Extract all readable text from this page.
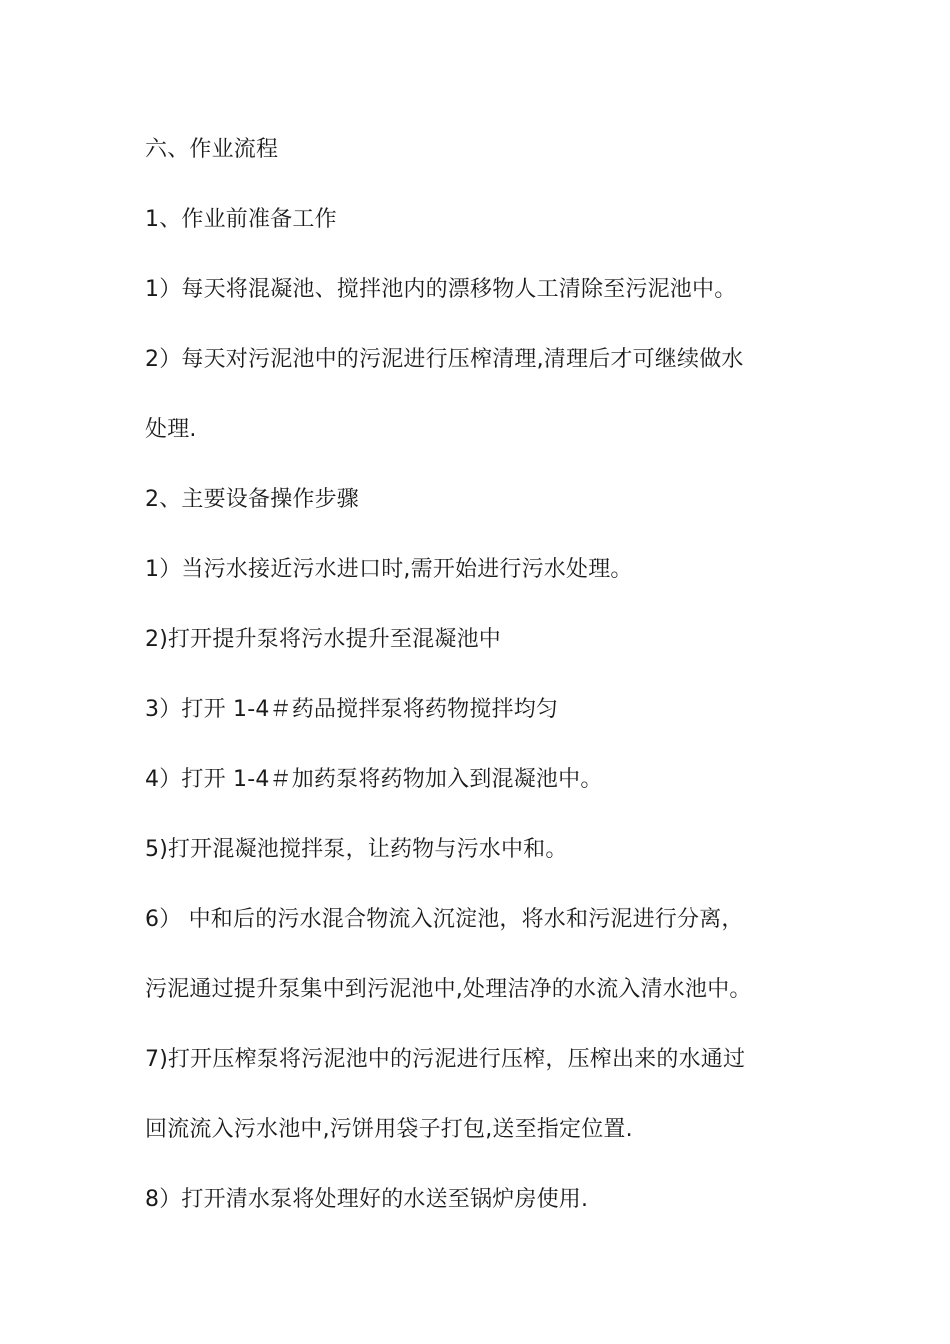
六、作业流程

1、作业前准备工作

1）每天将混凝池、搅拌池内的漂移物人工清除至污泥池中。

2）每天对污泥池中的污泥进行压榨清理,清理后才可继续做水
处理.

2、主要设备操作步骤

1）当污水接近污水进口时,需开始进行污水处理。

2)打开提升泵将污水提升至混凝池中

3）打开 1-4＃药品搅拌泵将药物搅拌均匀

4）打开 1-4＃加药泵将药物加入到混凝池中。

5)打开混凝池搅拌泵，让药物与污水中和。

6） 中和后的污水混合物流入沉淀池，将水和污泥进行分离，
污泥通过提升泵集中到污泥池中,处理洁净的水流入清水池中。

7)打开压榨泵将污泥池中的污泥进行压榨，压榨出来的水通过
回流流入污水池中,污饼用袋子打包,送至指定位置.

8）打开清水泵将处理好的水送至锅炉房使用.
